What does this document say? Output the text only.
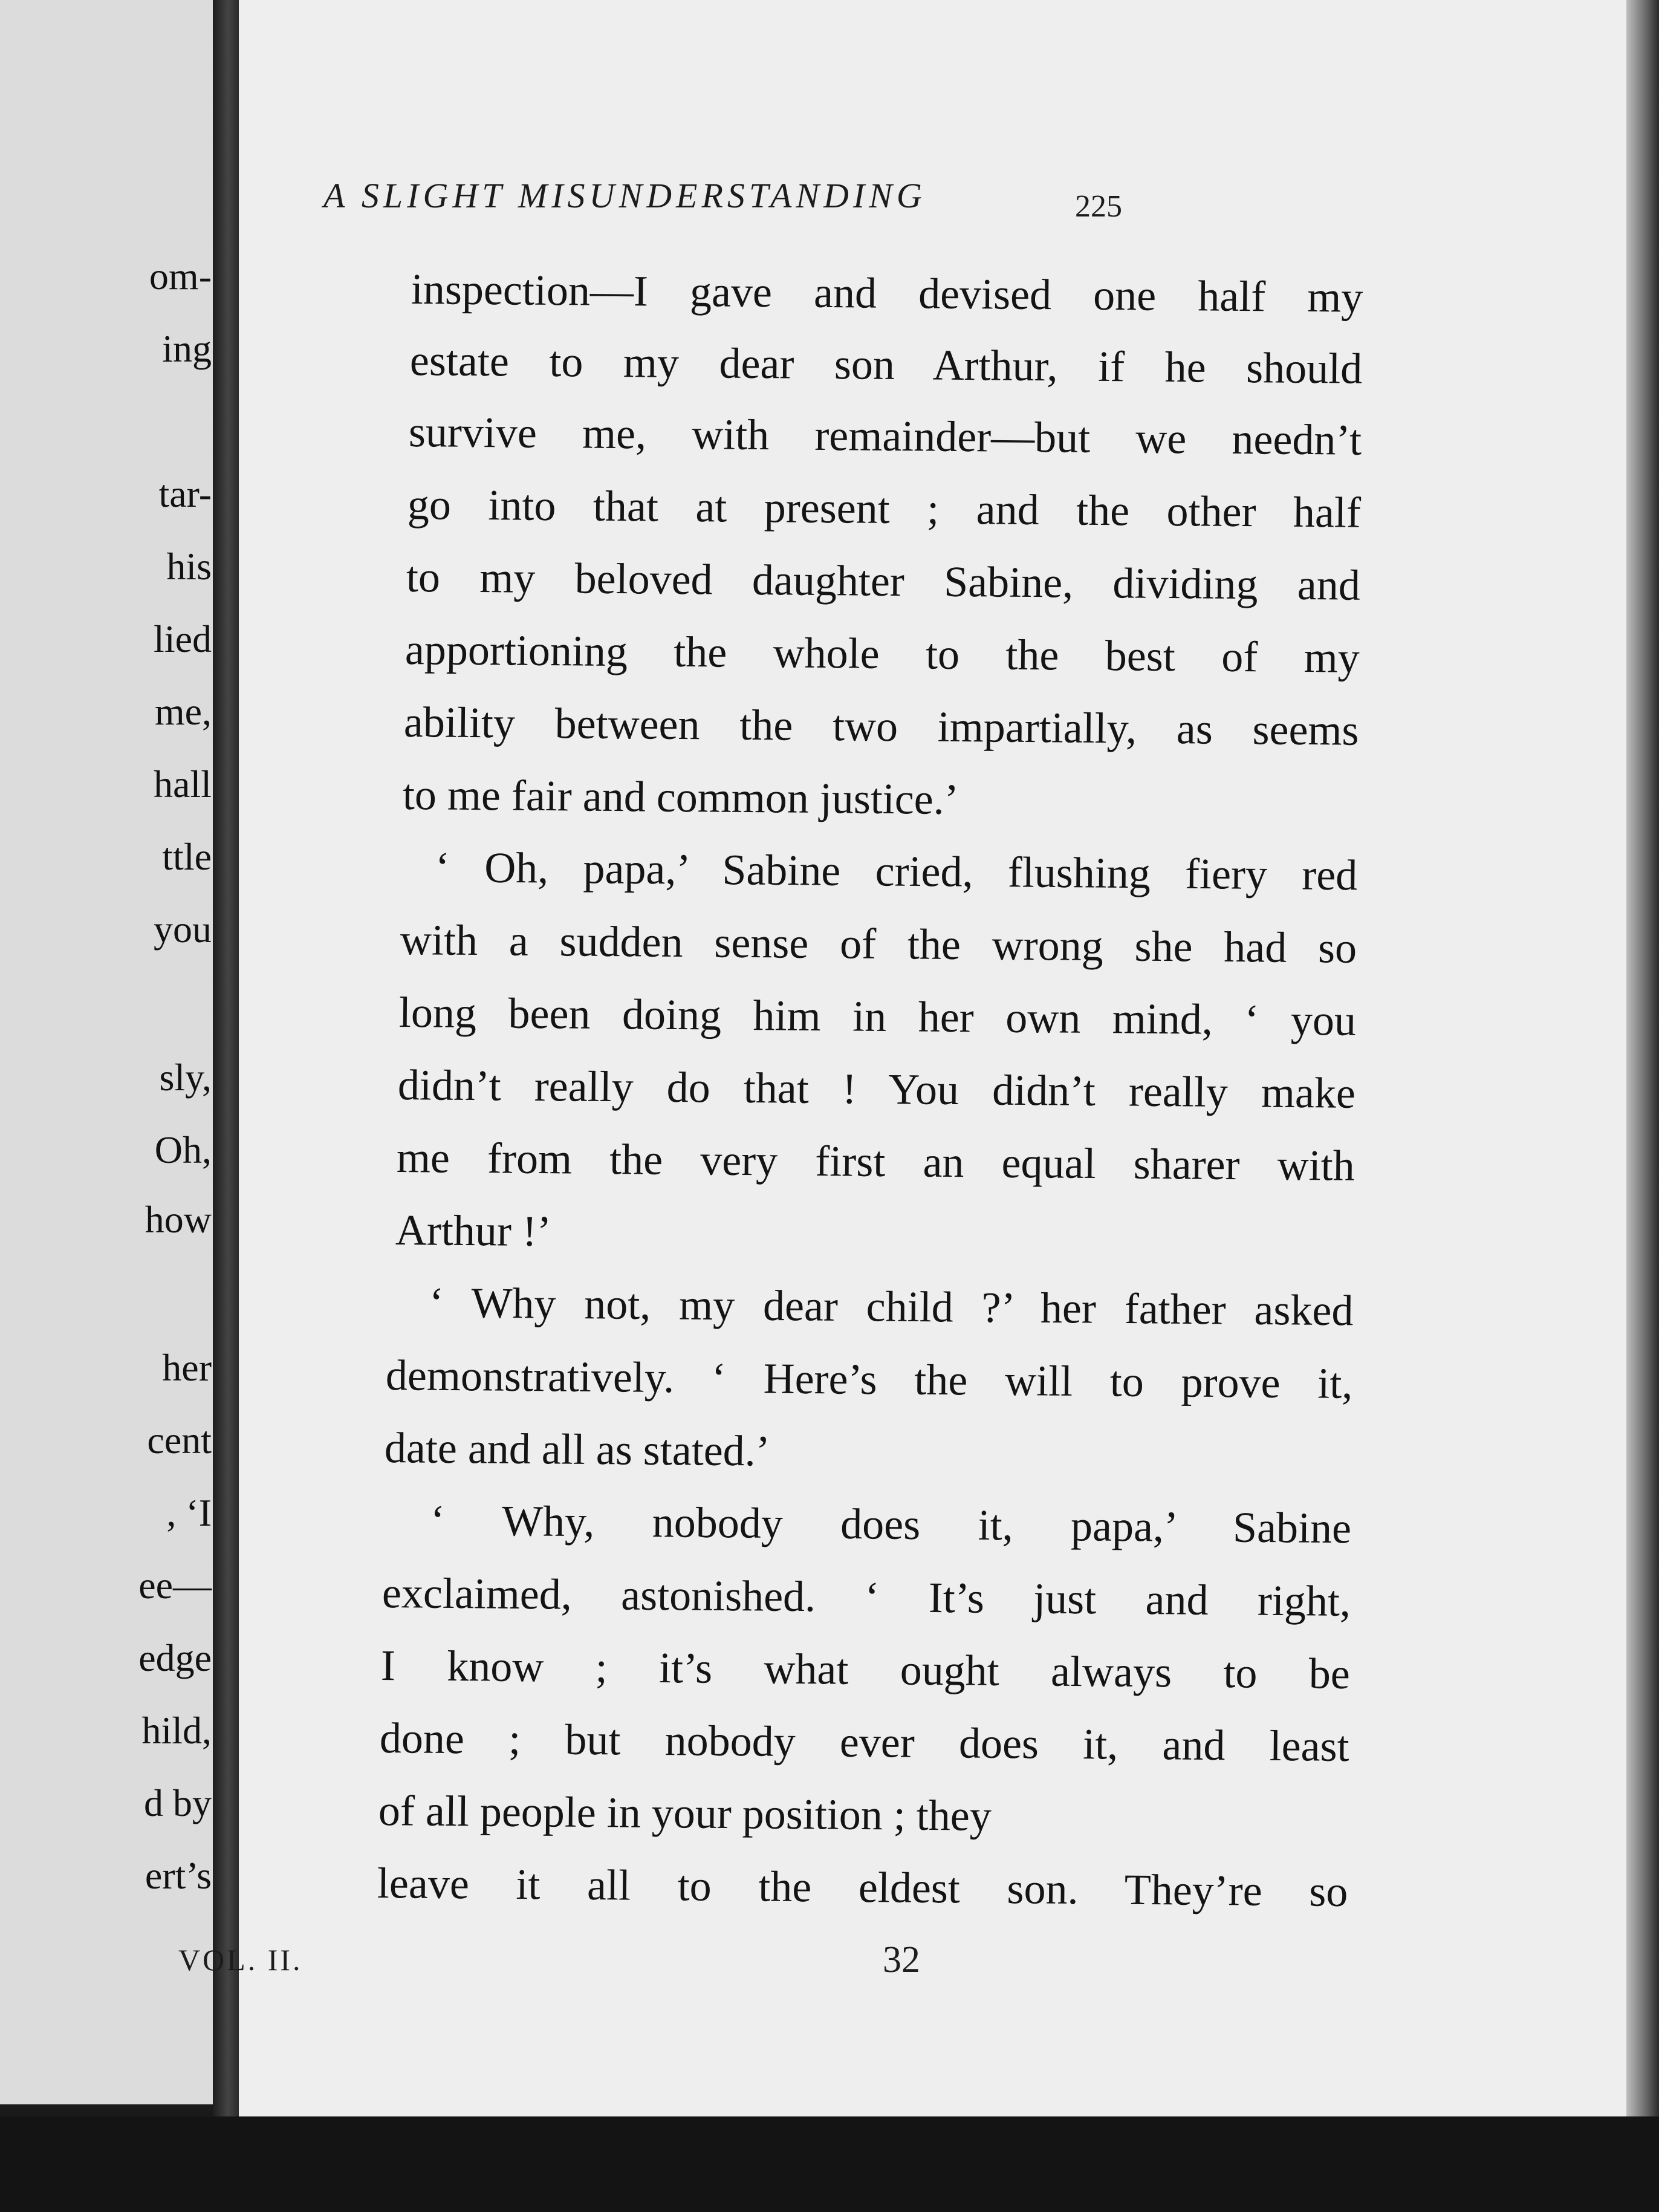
om-
ing
tar-
his
lied
me,
hall
ttle
you
sly,
Oh,
how
her
cent
, ‘I
ee—
edge
hild,
d by
ert’s
A SLIGHT MISUNDERSTANDING	225
inspection—I gave and devised one half my
estate to my dear son Arthur, if he should
survive me, with remainder—but we needn’t
go into that at present ; and the other half
to my beloved daughter Sabine, dividing and
apportioning the whole to the best of my
ability between the two impartially, as seems
to me fair and common justice.’
‘ Oh, papa,’ Sabine cried, flushing fiery red
with a sudden sense of the wrong she had so
long been doing him in her own mind, ‘ you
didn’t really do that ! You didn’t really make
me from the very first an equal sharer with
Arthur !’
‘ Why not, my dear child ?’ her father asked
demonstratively. ‘ Here’s the will to prove it,
date and all as stated.’
‘ Why, nobody does it, papa,’ Sabine
exclaimed, astonished. ‘ It’s just and right,
I know ; it’s what ought always to be
done ; but nobody ever does it, and least
of all people in your position ; they
leave it all to the eldest son. They’re so
VOL. II.	32
